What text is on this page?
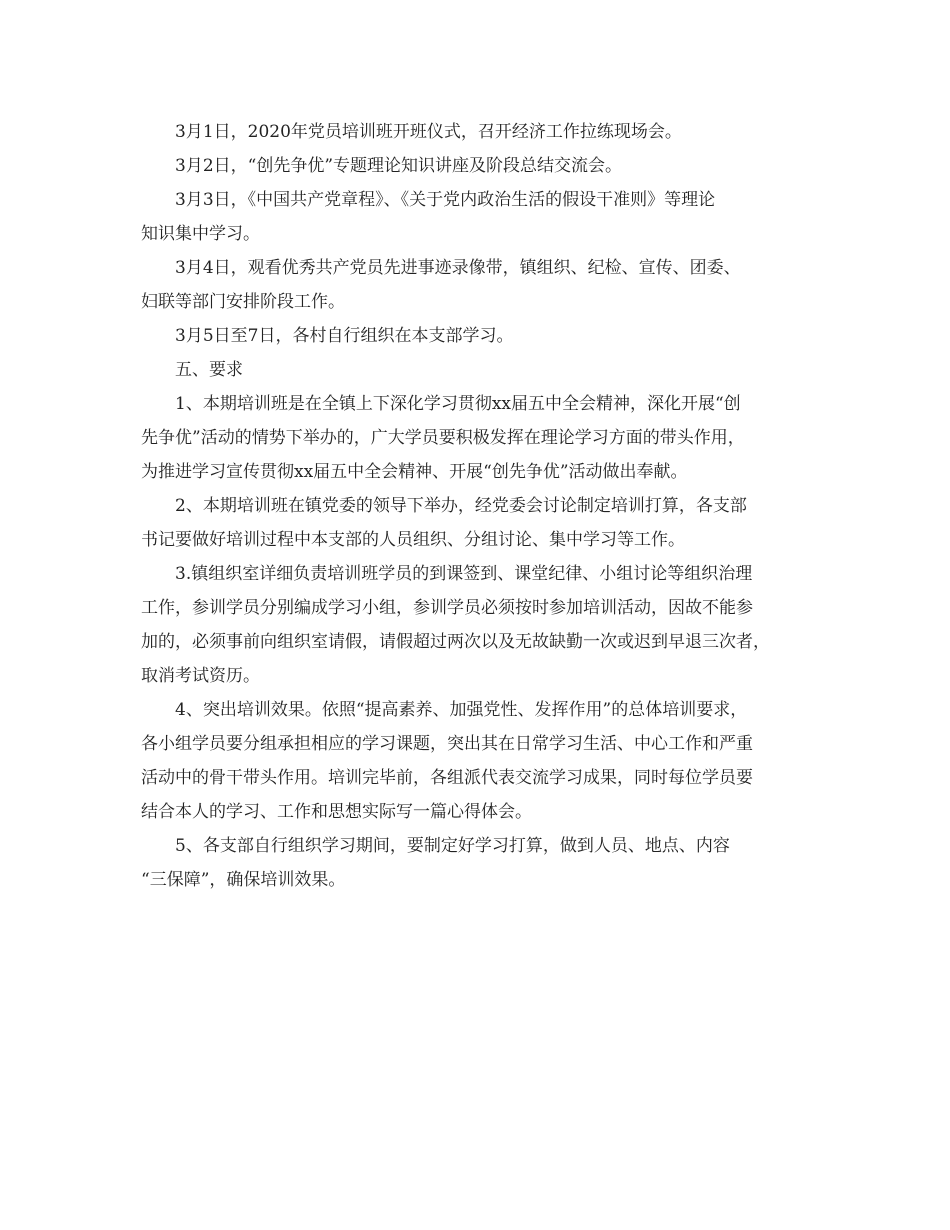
3月1日，2020年党员培训班开班仪式，召开经济工作拉练现场会。
3月2日，“创先争优”专题理论知识讲座及阶段总结交流会。
3月3日，《中国共产党章程》、《关于党内政治生活的假设干准则》等理论
知识集中学习。
3月4日，观看优秀共产党员先进事迹录像带，镇组织、纪检、宣传、团委、
妇联等部门安排阶段工作。
3月5日至7日，各村自行组织在本支部学习。
五、要求
1、本期培训班是在全镇上下深化学习贯彻xx届五中全会精神，深化开展“创
先争优”活动的情势下举办的，广大学员要积极发挥在理论学习方面的带头作用，
为推进学习宣传贯彻xx届五中全会精神、开展“创先争优”活动做出奉献。
2、本期培训班在镇党委的领导下举办，经党委会讨论制定培训打算，各支部
书记要做好培训过程中本支部的人员组织、分组讨论、集中学习等工作。
3.镇组织室详细负责培训班学员的到课签到、课堂纪律、小组讨论等组织治理
工作，参训学员分别编成学习小组，参训学员必须按时参加培训活动，因故不能参
加的，必须事前向组织室请假，请假超过两次以及无故缺勤一次或迟到早退三次者，
取消考试资历。
4、突出培训效果。依照“提高素养、加强党性、发挥作用”的总体培训要求，
各小组学员要分组承担相应的学习课题，突出其在日常学习生活、中心工作和严重
活动中的骨干带头作用。培训完毕前，各组派代表交流学习成果，同时每位学员要
结合本人的学习、工作和思想实际写一篇心得体会。
5、各支部自行组织学习期间，要制定好学习打算，做到人员、地点、内容
“三保障”，确保培训效果。
